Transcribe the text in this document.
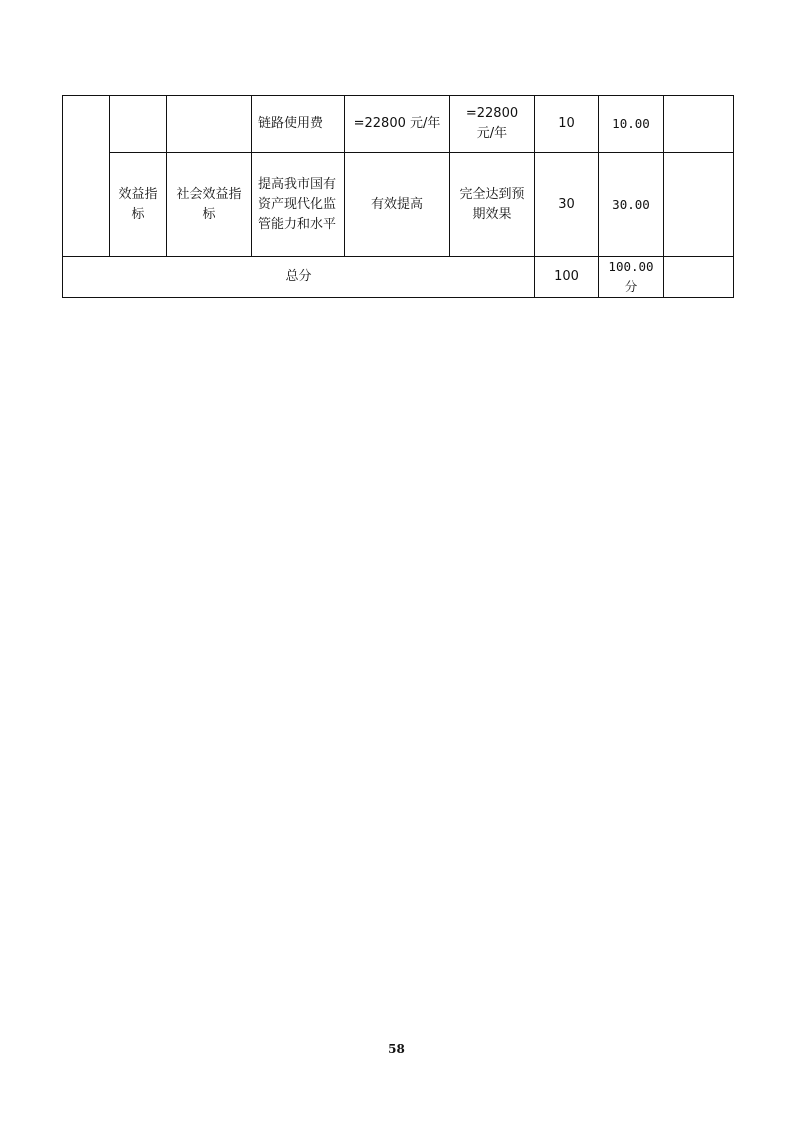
			链路使用费	=22800 元/年	=22800 元/年	10	10.00	
	效益指标	社会效益指标	提高我市国有资产现代化监管能力和水平	有效提高	完全达到预期效果	30	30.00	
总分						100	100.00分	
58
